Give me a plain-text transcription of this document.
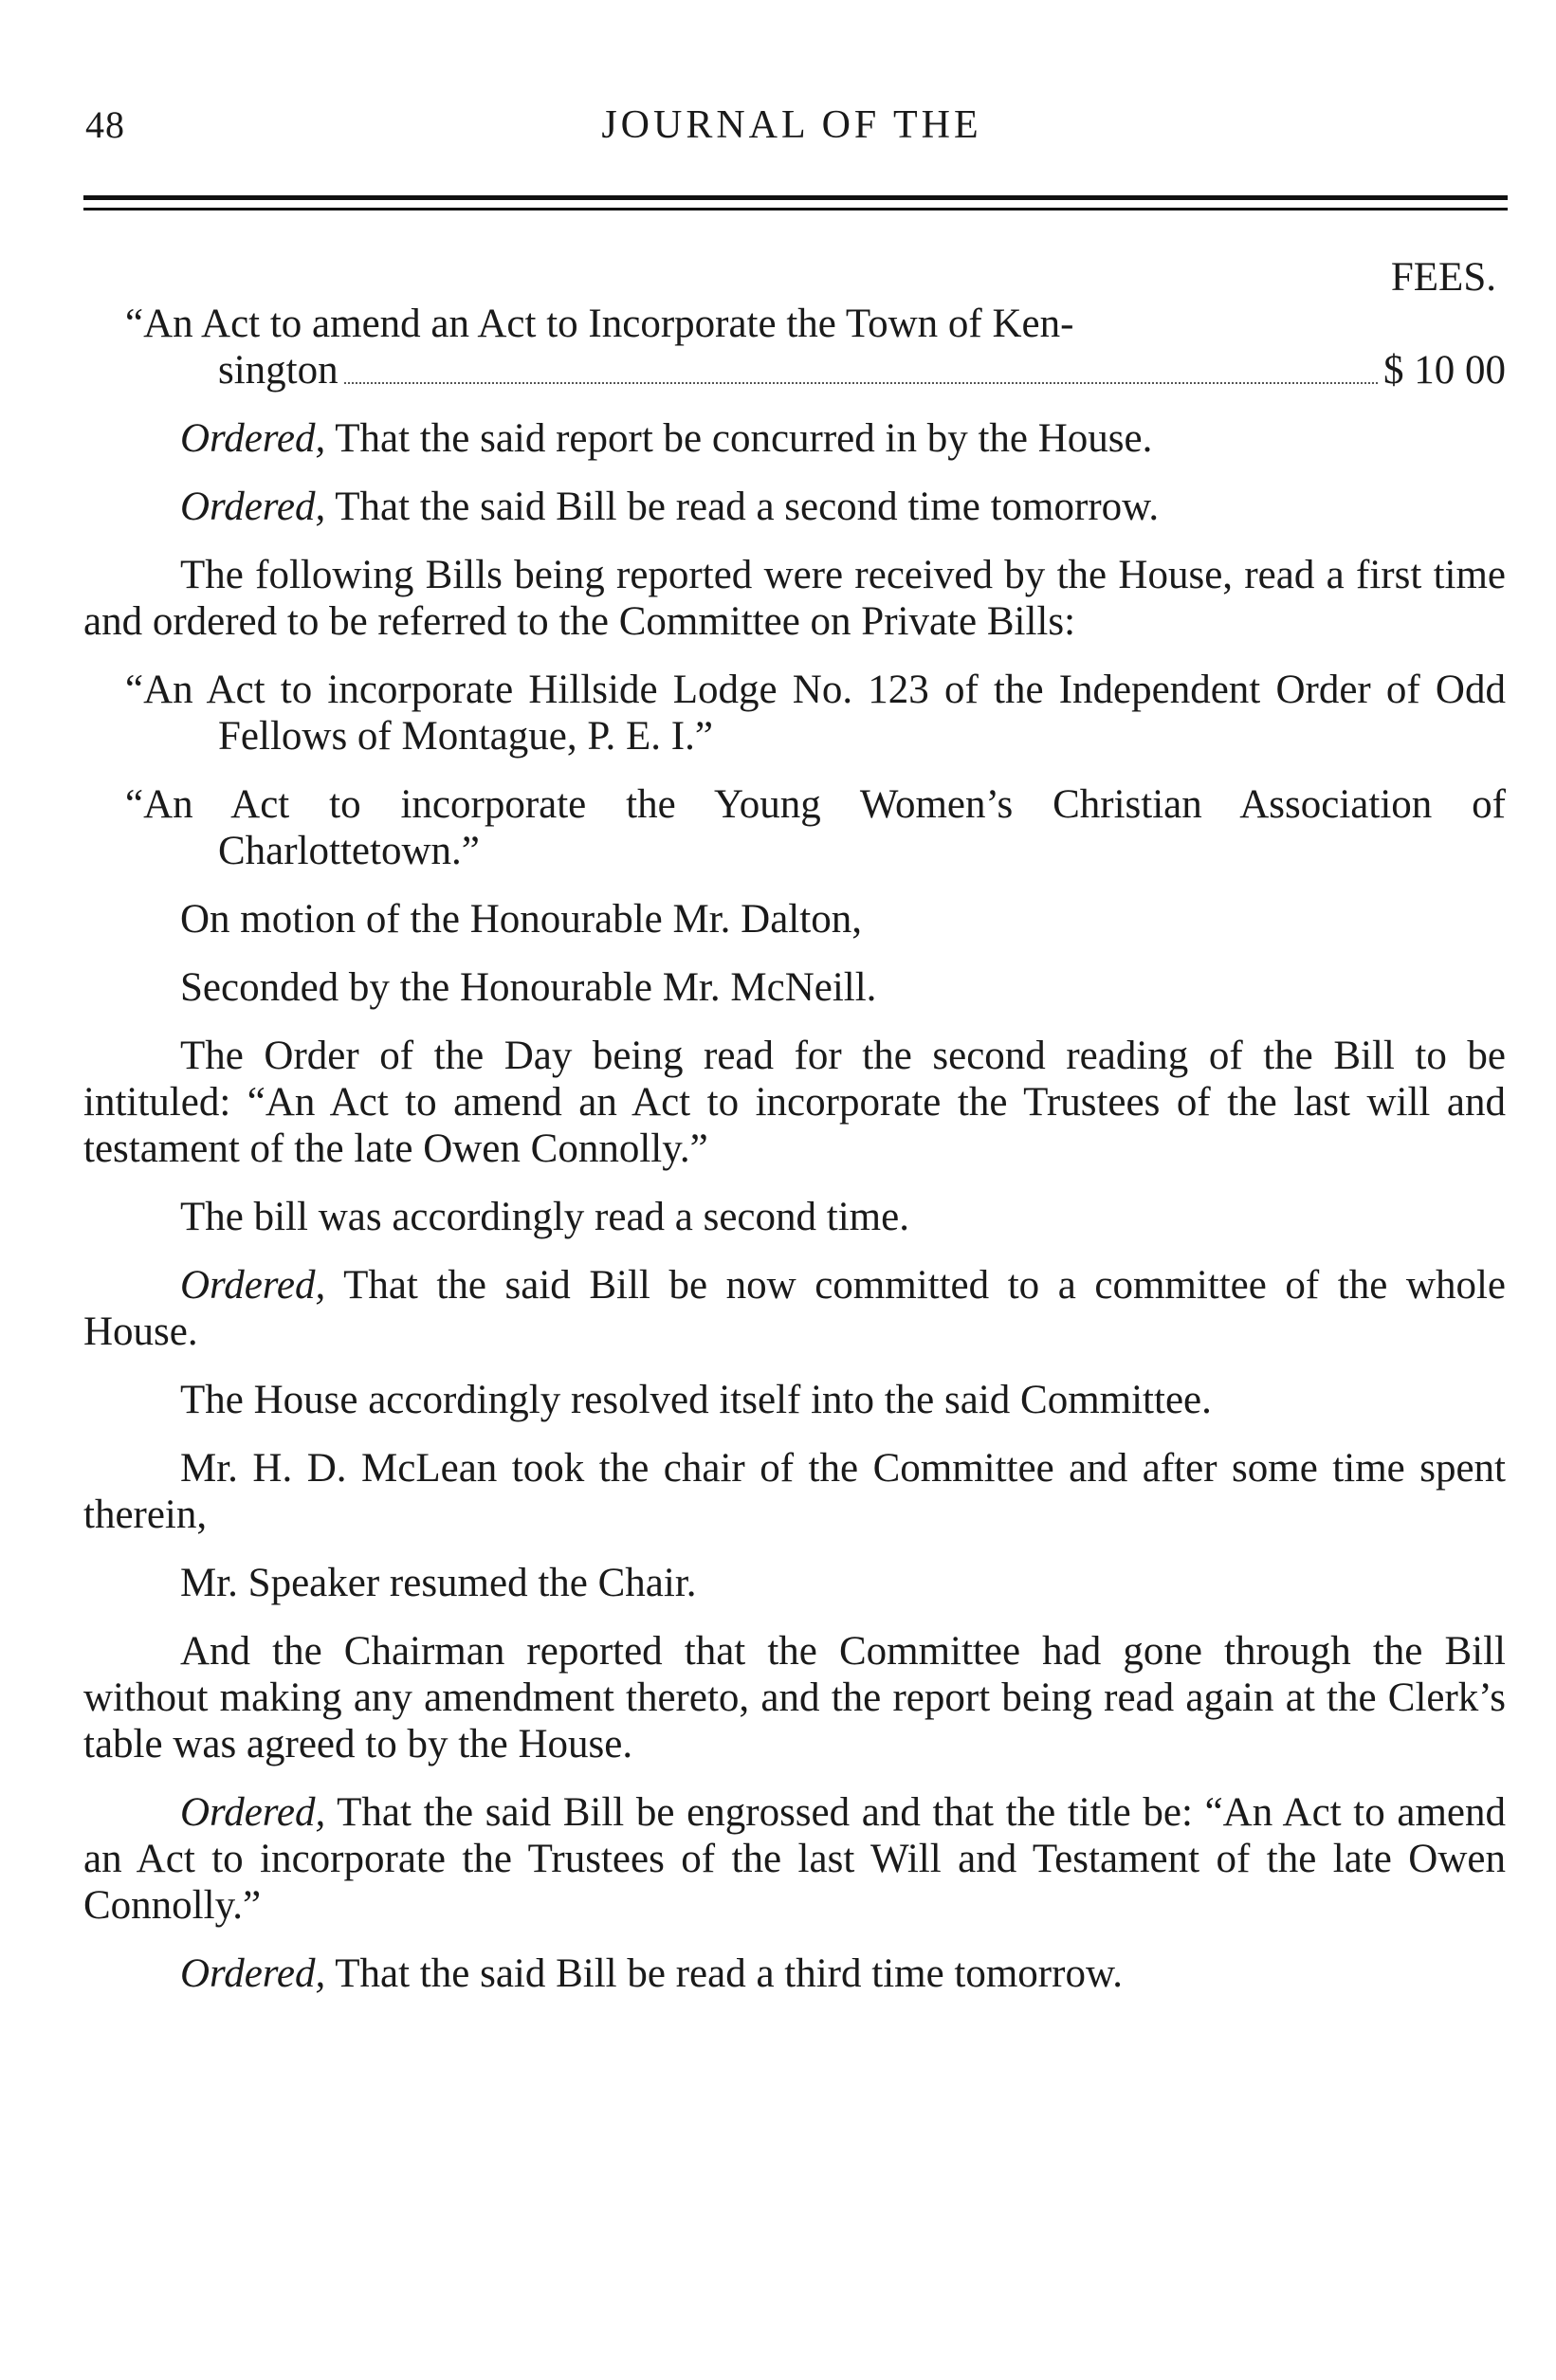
48	JOURNAL OF THE

FEES.

“An Act to amend an Act to Incorporate the Town of Ken-

sington	$ 10 00

Ordered, That the said report be concurred in by the House.

Ordered, That the said Bill be read a second time tomorrow.

The following Bills being reported were received by the House, read a first time and ordered to be referred to the Committee on Private Bills:

“An Act to incorporate Hillside Lodge No. 123 of the Independent Order of Odd Fellows of Montague, P. E. I.”

“An Act to incorporate the Young Women’s Christian Association of Charlottetown.”

On motion of the Honourable Mr. Dalton,

Seconded by the Honourable Mr. McNeill.

The Order of the Day being read for the second reading of the Bill to be intituled: “An Act to amend an Act to incorporate the Trustees of the last will and testament of the late Owen Connolly.”

The bill was accordingly read a second time.

Ordered, That the said Bill be now committed to a committee of the whole House.

The House accordingly resolved itself into the said Committee.

Mr. H. D. McLean took the chair of the Committee and after some time spent therein,

Mr. Speaker resumed the Chair.

And the Chairman reported that the Committee had gone through the Bill without making any amendment thereto, and the report being read again at the Clerk’s table was agreed to by the House.

Ordered, That the said Bill be engrossed and that the title be: “An Act to amend an Act to incorporate the Trustees of the last Will and Testament of the late Owen Connolly.”

Ordered, That the said Bill be read a third time tomorrow.
